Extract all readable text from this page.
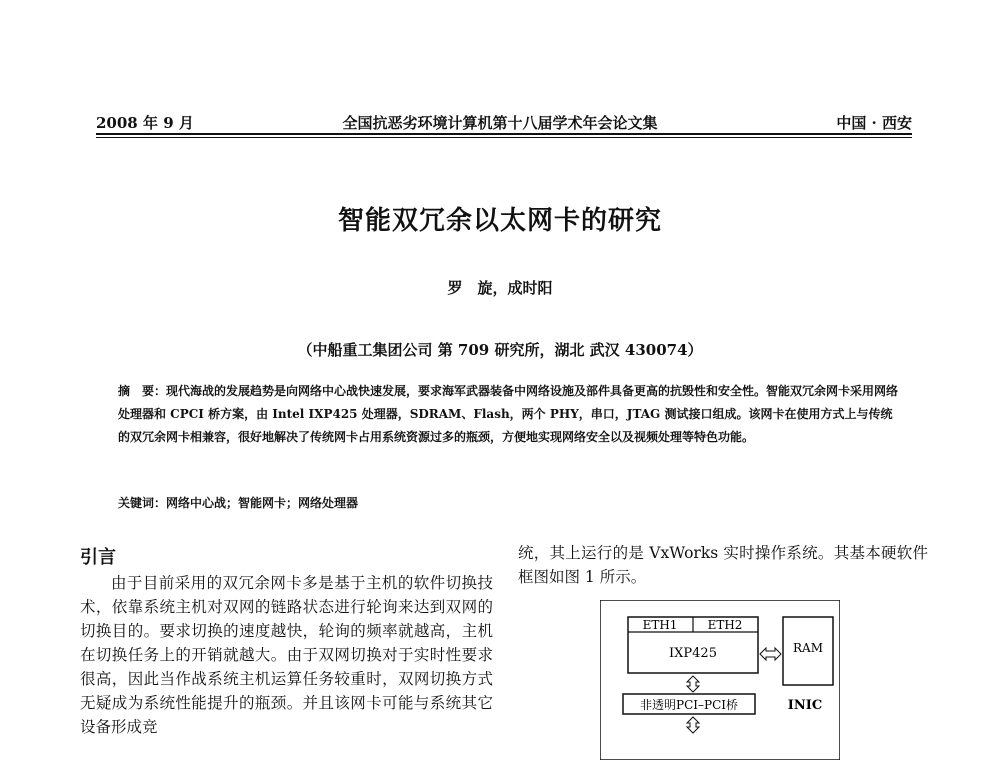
2008 年 9 月	全国抗恶劣环境计算机第十八届学术年会论文集	中国 · 西安
智能双冗余以太网卡的研究
罗　旋，成时阳
（中船重工集团公司 第 709 研究所，湖北 武汉 430074）
摘　要：现代海战的发展趋势是向网络中心战快速发展，要求海军武器装备中网络设施及部件具备更高的抗毁性和安全性。智能双冗余网卡采用网络处理器和 CPCI 桥方案，由 Intel IXP425 处理器，SDRAM、Flash，两个 PHY，串口，JTAG 测试接口组成。该网卡在使用方式上与传统的双冗余网卡相兼容，很好地解决了传统网卡占用系统资源过多的瓶颈，方便地实现网络安全以及视频处理等特色功能。
关键词：网络中心战；智能网卡；网络处理器
引言
由于目前采用的双冗余网卡多是基于主机的软件切换技术，依靠系统主机对双网的链路状态进行轮询来达到双网的切换目的。要求切换的速度越快，轮询的频率就越高，主机在切换任务上的开销就越大。由于双网切换对于实时性要求很高，因此当作战系统主机运算任务较重时，双网切换方式无疑成为系统性能提升的瓶颈。并且该网卡可能与系统其它设备形成竞
统，其上运行的是 VxWorks 实时操作系统。其基本硬软件框图如图 1 所示。
ETH1	ETH2
IXP425	RAM
非透明PCI–PCI桥	INIC
